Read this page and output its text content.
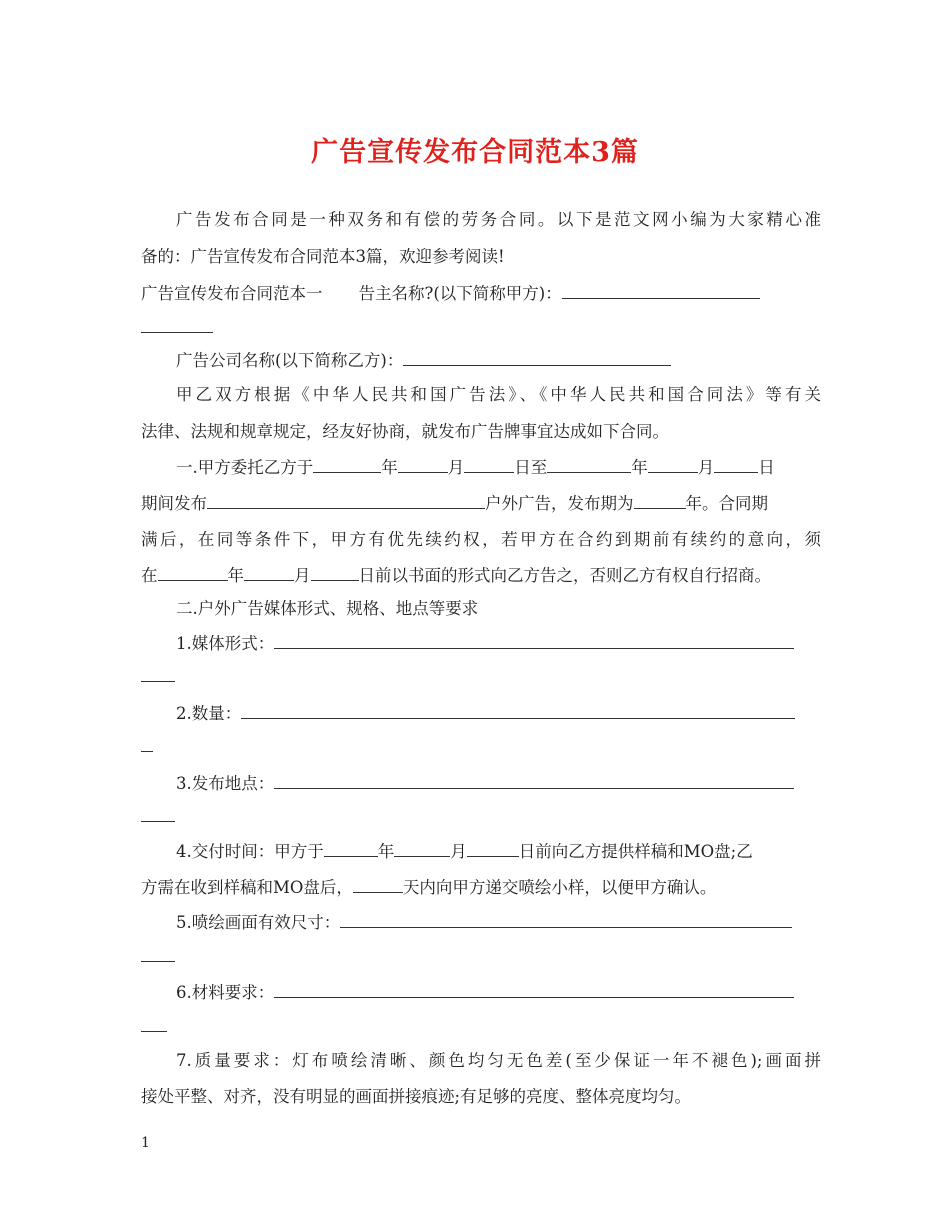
广告宣传发布合同范本3篇
广告发布合同是一种双务和有偿的劳务合同。以下是范文网小编为大家精心准
备的：广告宣传发布合同范本3篇，欢迎参考阅读!
广告宣传发布合同范本一 告主名称?(以下简称甲方)：
广告公司名称(以下简称乙方)：
甲乙双方根据《中华人民共和国广告法》、《中华人民共和国合同法》等有关
法律、法规和规章规定，经友好协商，就发布广告牌事宜达成如下合同。
一.甲方委托乙方于	年	月	日至	年	月	日
期间发布	户外广告，发布期为	年。合同期
满后，在同等条件下，甲方有优先续约权，若甲方在合约到期前有续约的意向，须
在	年	月	日前以书面的形式向乙方告之，否则乙方有权自行招商。
二.户外广告媒体形式、规格、地点等要求
1.媒体形式：
2.数量：
3.发布地点：
4.交付时间：甲方于	年	月	日前向乙方提供样稿和MO盘;乙
方需在收到样稿和MO盘后，	天内向甲方递交喷绘小样，以便甲方确认。
5.喷绘画面有效尺寸：
6.材料要求：
7.质量要求：灯布喷绘清晰、颜色均匀无色差(至少保证一年不褪色);画面拼
接处平整、对齐，没有明显的画面拼接痕迹;有足够的亮度、整体亮度均匀。
1
